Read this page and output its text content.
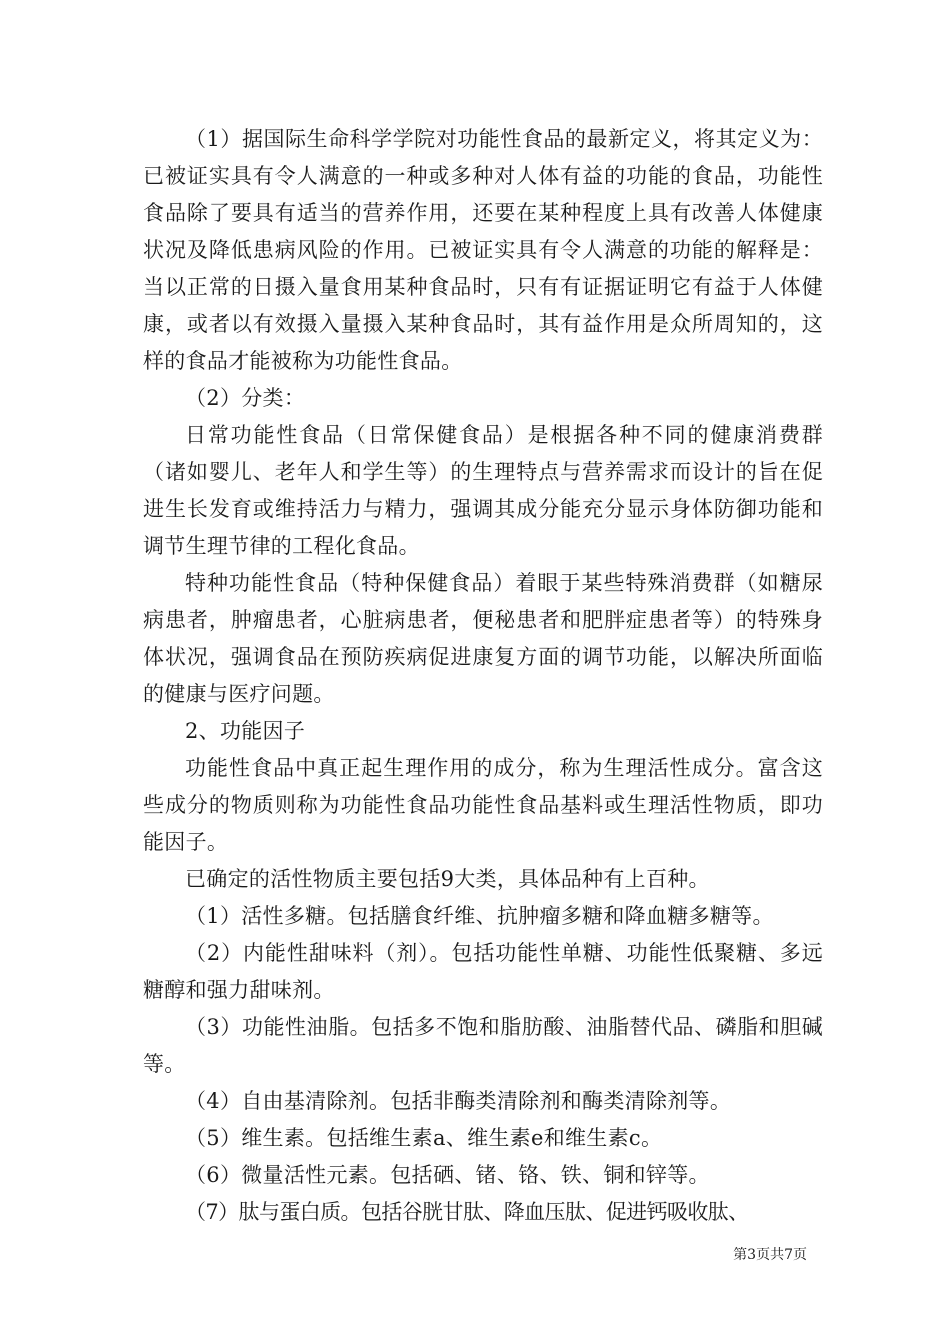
（1）据国际生命科学学院对功能性食品的最新定义，将其定义为：已被证实具有令人满意的一种或多种对人体有益的功能的食品，功能性食品除了要具有适当的营养作用，还要在某种程度上具有改善人体健康状况及降低患病风险的作用。已被证实具有令人满意的功能的解释是：当以正常的日摄入量食用某种食品时，只有有证据证明它有益于人体健康，或者以有效摄入量摄入某种食品时，其有益作用是众所周知的，这样的食品才能被称为功能性食品。

（2）分类：

日常功能性食品（日常保健食品）是根据各种不同的健康消费群（诸如婴儿、老年人和学生等）的生理特点与营养需求而设计的旨在促进生长发育或维持活力与精力，强调其成分能充分显示身体防御功能和调节生理节律的工程化食品。

特种功能性食品（特种保健食品）着眼于某些特殊消费群（如糖尿病患者，肿瘤患者，心脏病患者，便秘患者和肥胖症患者等）的特殊身体状况，强调食品在预防疾病促进康复方面的调节功能，以解决所面临的健康与医疗问题。

2、功能因子

功能性食品中真正起生理作用的成分，称为生理活性成分。富含这些成分的物质则称为功能性食品功能性食品基料或生理活性物质，即功能因子。

已确定的活性物质主要包括9大类，具体品种有上百种。

（1）活性多糖。包括膳食纤维、抗肿瘤多糖和降血糖多糖等。

（2）内能性甜味料（剂）。包括功能性单糖、功能性低聚糖、多远糖醇和强力甜味剂。

（3）功能性油脂。包括多不饱和脂肪酸、油脂替代品、磷脂和胆碱等。

（4）自由基清除剂。包括非酶类清除剂和酶类清除剂等。

（5）维生素。包括维生素a、维生素e和维生素c。

（6）微量活性元素。包括硒、锗、铬、铁、铜和锌等。

（7）肽与蛋白质。包括谷胱甘肽、降血压肽、促进钙吸收肽、

第3页共7页
